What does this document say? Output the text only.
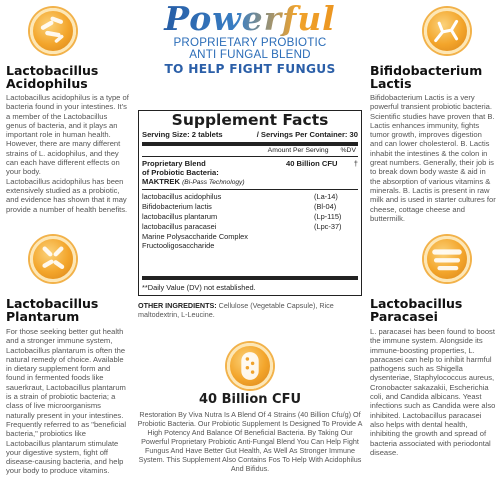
Powerful
PROPRIETARY PROBIOTIC
ANTI FUNGAL BLEND
TO HELP FIGHT FUNGUS
Lactobacillus
Acidophilus

Lactobacillus acidophilus is a type of bacteria found in your intestines. It's a member of the Lactobacillus genus of bacteria, and it plays an important role in human health.

However, there are many different strains of L. acidophilus, and they can each have different effects on your body.

Lactobacillus acidophilus has been extensively studied as a probiotic, and evidence has shown that it may provide a number of health benefits.

Lactobacillus
Plantarum
For those seeking better gut health and a stronger immune system, Lactobacillus plantarum is often the natural remedy of choice. Available in dietary supplement form and found in fermented foods like sauerkraut, Lactobacillus plantarum is a strain of probiotic bacteria; a class of live microorganisms naturally present in your intestines. Frequently referred to as "beneficial bacteria," probiotics like Lactobacillus plantarum stimulate your digestive system, fight off disease-causing bacteria, and help your body to produce vitamins.
Bifidobacterium
Lactis
Bifidobacterium Lactis is a very powerful transient probiotic bacteria. Scientific studies have proven that B. Lactis enhances immunity, fights tumor growth, improves digestion and can lower cholesterol. B. Lactis inhabit the intestines & the colon in great numbers. Generally, their job is to break down body waste & aid in the absorption of various vitamins & minerals. B. Lactis is present in raw milk and is used in starter cultures for cheese, cottage cheese and buttermilk.
Lactobacillus
Paracasei
L. paracasei has been found to boost the immune system. Alongside its immune-boosting properties, L. paracasei can help to inhibit harmful pathogens such as Shigella dysenteriae, Staphylococcus aureus, Cronobacter sakazakii, Escherichia coli, and Candida albicans. Yeast infections such as Candida were also inhibited. Lactobacillus paracasei also helps with dental health, inhibiting the growth and spread of bacteria associated with periodontal disease.
Supplement Facts
Serving Size: 2 tablets	/ Servings Per Container: 30
Amount Per Serving %DV
Proprietary Blend
of Probiotic Bacteria:
40 Billion CFU	†
MAKTREK (Bi-Pass Technology)
lactobacillus acidophilus	(La-14)
Bifidobacterium lactis	(Bl-04)
lactobacillus plantarum	(Lp-115)
lactobacillus paracasei	(Lpc-37)
Marine Polysaccharide Complex
Fructooligosaccharide
**Daily Value (DV) not established.
OTHER INGREDIENTS: Cellulose (Vegetable Capsule), Rice maltodextrin, L-Leucine.
40 Billion CFU
Restoration By Viva Nutra Is A Blend Of 4 Strains (40 Billion Cfu/g) Of Probiotic Bacteria. Our Probiotic Supplement Is Designed To Provide A High Potency And Balance Of Beneficial Bacteria. By Taking Our Powerful Proprietary Probiotic Anti-Fungal Blend You Can Help Fight Fungus And Have Better Gut Health, As Well As Stronger Immune System. This Supplement Also Contains Fos To Help With Acidophilus And Bifidus.
